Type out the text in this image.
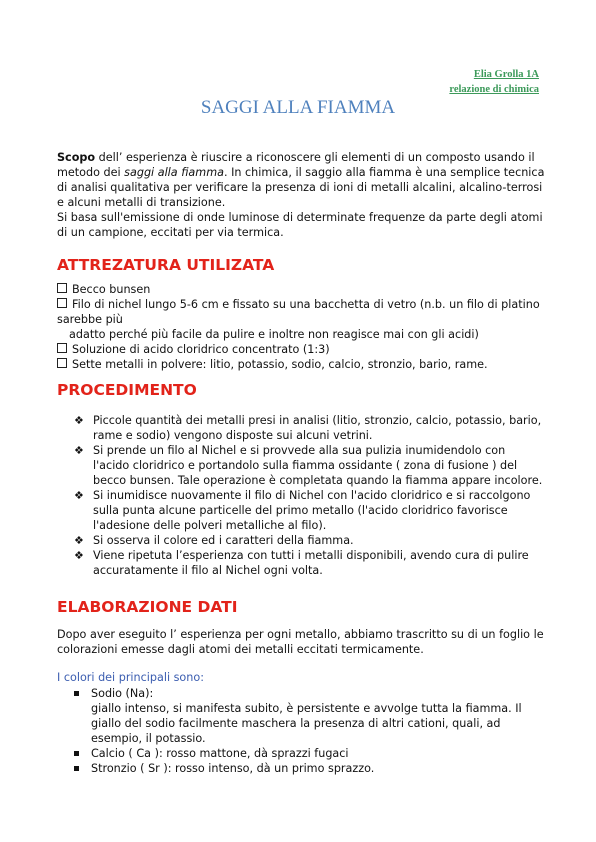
Elia Grolla 1A
relazione di chimica
SAGGI ALLA FIAMMA
Scopo dell’ esperienza è riuscire a riconoscere gli elementi di un composto usando il metodo dei saggi alla fiamma. In chimica, il saggio alla fiamma è una semplice tecnica di analisi qualitativa per verificare la presenza di ioni di metalli alcalini, alcalino-terrosi e alcuni metalli di transizione.
Si basa sull'emissione di onde luminose di determinate frequenze da parte degli atomi di un campione, eccitati per via termica.
ATTREZATURA UTILIZATA
Becco bunsen
Filo di nichel lungo 5-6 cm e fissato su una bacchetta di vetro (n.b. un filo di platino sarebbe più
adatto perché più facile da pulire e inoltre non reagisce mai con gli acidi)
Soluzione di acido cloridrico concentrato (1:3)
Sette metalli in polvere: litio, potassio, sodio, calcio, stronzio, bario, rame.
PROCEDIMENTO
❖ Piccole quantità dei metalli presi in analisi (litio, stronzio, calcio, potassio, bario, rame e sodio) vengono disposte sui alcuni vetrini.
❖ Si prende un filo al Nichel e si provvede alla sua pulizia inumidendolo con l'acido cloridrico e portandolo sulla fiamma ossidante ( zona di fusione ) del becco bunsen. Tale operazione è completata quando la fiamma appare incolore.
❖ Si inumidisce nuovamente il filo di Nichel con l'acido cloridrico e si raccolgono sulla punta alcune particelle del primo metallo (l'acido cloridrico favorisce l'adesione delle polveri metalliche al filo).
❖ Si osserva il colore ed i caratteri della fiamma.
❖ Viene ripetuta l’esperienza con tutti i metalli disponibili, avendo cura di pulire accuratamente il filo al Nichel ogni volta.
ELABORAZIONE DATI
Dopo aver eseguito l’ esperienza per ogni metallo, abbiamo trascritto su di un foglio le colorazioni emesse dagli atomi dei metalli eccitati termicamente.
I colori dei principali sono:
Sodio (Na):
giallo intenso, si manifesta subito, è persistente e avvolge tutta la fiamma. Il giallo del sodio facilmente maschera la presenza di altri cationi, quali, ad esempio, il potassio.
Calcio ( Ca ): rosso mattone, dà sprazzi fugaci
Stronzio ( Sr ): rosso intenso, dà un primo sprazzo.
